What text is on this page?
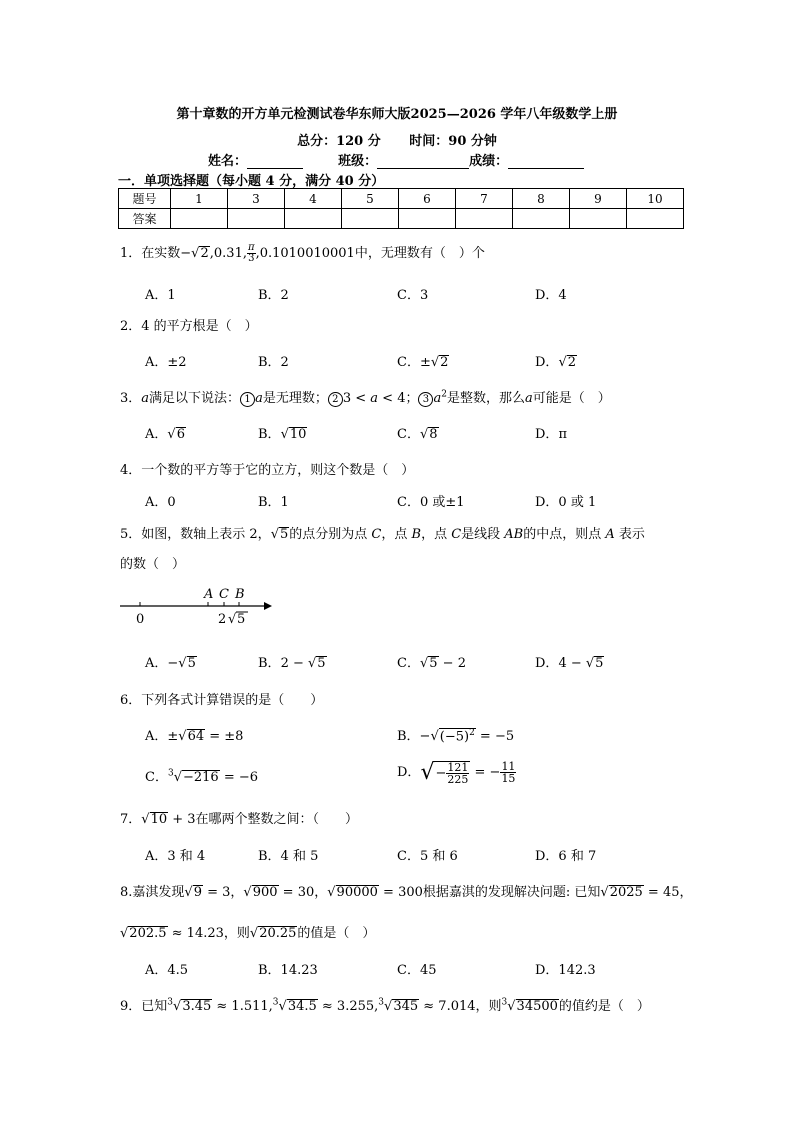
第十章数的开方单元检测试卷华东师大版2025—2026 学年八年级数学上册
总分：120 分 时间：90 分钟
姓名：	班级：	成绩：
一．单项选择题（每小题 4 分，满分 40 分）
题号	1	3	4	5	6	7	8	9	10
答案									
1．在实数−√2,0.31, $\frac{\pi}{3} ,0.1010010001$中，无理数有（　）个
A．1	B．2	C．3	D．4
2．4 的平方根是（　）
A．±2	B．2	C．±√2	D．√2
3．a满足以下说法： 1 a是无理数； 2 3 < a < 4； 3 $a^2$是整数，那么a可能是（　）
A．√6	B．√10	C．√8	D．π
4．一个数的平方等于它的立方，则这个数是（　）
A．0	B．1	C．0 或±1	D．0 或 1
5．如图，数轴上表示 2，√5的点分别为点 C，点 B，点 C是线段 AB的中点，则点 A 表示
的数（　）
A C B
0	2 √ 5
A．−√5	B．2 − √5	C．√5 − 2	D．4 − √5
6．下列各式计算错误的是（　　）
A．±√64 = ±8	B．$-√(-5)^2 = -5$
C．$^3$√−216 = −6	D．√− $\frac{121}{225}$ = − $\frac{11}{15}$
7．√10 + 3在哪两个整数之间：（　　）
A．3 和 4	B．4 和 5	C．5 和 6	D．6 和 7
8.嘉淇发现√9 = 3，√900 = 30，√90000 = 300根据嘉淇的发现解决问题: 已知√2025 = 45，
√202.5 ≈ 14.23，则√20.25的值是（　）
A．4.5	B．14.23	C．45	D．142.3
9．已知$^3$√3.45 ≈ 1.511,$^3$√34.5 ≈ 3.255,$^3$√345 ≈ 7.014，则$^3$√34500的值约是（　）
